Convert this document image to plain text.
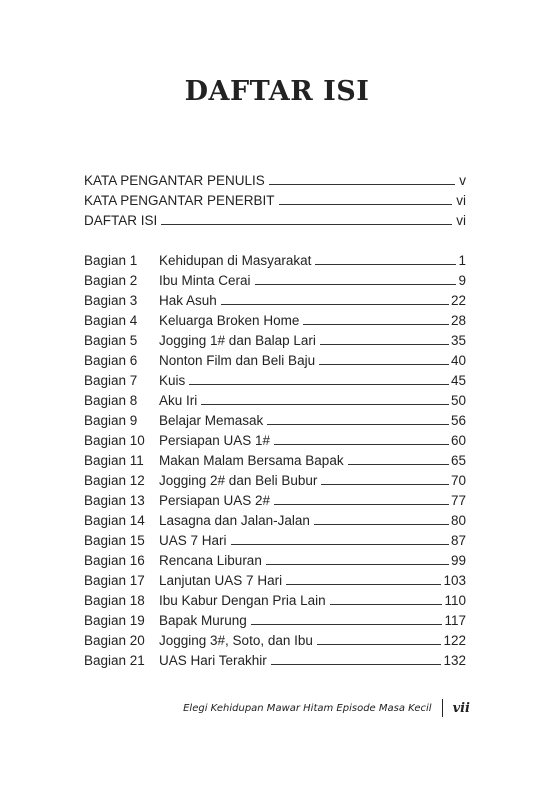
DAFTAR ISI
KATA PENGANTAR PENULIS	v
KATA PENGANTAR PENERBIT	vi
DAFTAR ISI	vi
Bagian 1 Kehidupan di Masyarakat	1
Bagian 2 Ibu Minta Cerai	9
Bagian 3 Hak Asuh	22
Bagian 4 Keluarga Broken Home	28
Bagian 5 Jogging 1# dan Balap Lari	35
Bagian 6 Nonton Film dan Beli Baju	40
Bagian 7 Kuis	45
Bagian 8 Aku Iri	50
Bagian 9 Belajar Memasak	56
Bagian 10 Persiapan UAS 1#	60
Bagian 11 Makan Malam Bersama Bapak	65
Bagian 12 Jogging 2# dan Beli Bubur	70
Bagian 13 Persiapan UAS 2#	77
Bagian 14 Lasagna dan Jalan-Jalan	80
Bagian 15 UAS 7 Hari	87
Bagian 16 Rencana Liburan	99
Bagian 17 Lanjutan UAS 7 Hari	103
Bagian 18 Ibu Kabur Dengan Pria Lain	110
Bagian 19 Bapak Murung	117
Bagian 20 Jogging 3#, Soto, dan Ibu	122
Bagian 21 UAS Hari Terakhir	132
Elegi Kehidupan Mawar Hitam Episode Masa Kecil vii
